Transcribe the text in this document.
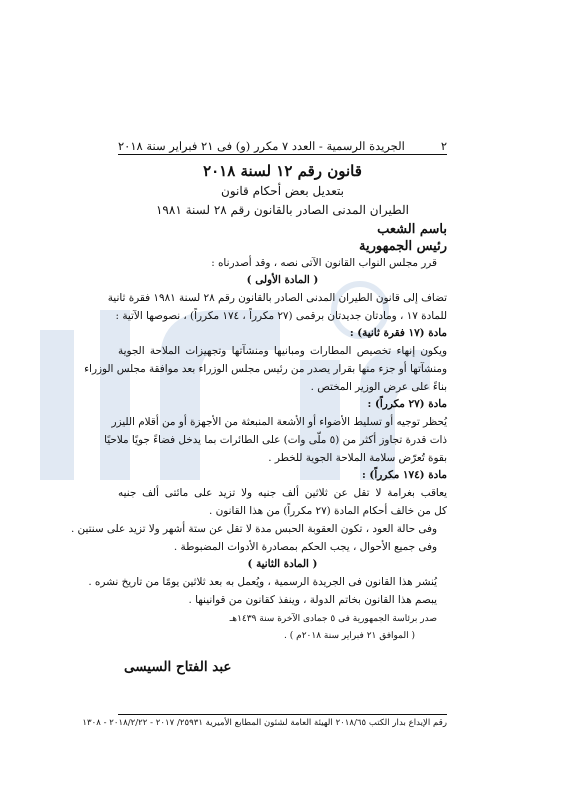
٢
الجريدة الرسمية - العدد ٧ مكرر (و) فى ٢١ فبراير سنة ٢٠١٨
قانون رقم ١٢ لسنة ٢٠١٨
بتعديل بعض أحكام قانون
الطيران المدنى الصادر بالقانون رقم ٢٨ لسنة ١٩٨١
باسم الشعب
رئيس الجمهورية
قرر مجلس النواب القانون الآتى نصه ، وقد أصدرناه :
( المادة الأولى )
تضاف إلى قانون الطيران المدنى الصادر بالقانون رقم ٢٨ لسنة ١٩٨١ فقرة ثانية
للمادة ١٧ ، ومادتان جديدتان برقمى (٢٧ مكرراً ، ١٧٤ مكرراً) ، نصوصها الآتية :
مادة (١٧ فقرة ثانية) :
ويكون إنهاء تخصيص المطارات ومبانيها ومنشآتها وتجهيزات الملاحة الجوية
ومنشآتها أو جزء منها بقرار يصدر من رئيس مجلس الوزراء بعد موافقة مجلس الوزراء
بناءً على عرض الوزير المختص .
مادة (٢٧ مكرراً) :
يُحظر توجيه أو تسليط الأضواء أو الأشعة المنبعثة من الأجهزة أو من أقلام الليزر
ذات قدرة تجاوز أكثر من (٥ ملّى وات) على الطائرات بما يدخل فضاءً جويًا ملاحيًا
بقوة تُعرّض سلامة الملاحة الجوية للخطر .
مادة (١٧٤ مكرراً) :
يعاقب بغرامة لا تقل عن ثلاثين ألف جنيه ولا تزيد على مائتى ألف جنيه
كل من خالف أحكام المادة (٢٧ مكرراً) من هذا القانون .
وفى حالة العود ، تكون العقوبة الحبس مدة لا تقل عن ستة أشهر ولا تزيد على سنتين .
وفى جميع الأحوال ، يجب الحكم بمصادرة الأدوات المضبوطة .
( المادة الثانية )
يُنشر هذا القانون فى الجريدة الرسمية ، ويُعمل به بعد ثلاثين يومًا من تاريخ نشره .
يبصم هذا القانون بخاتم الدولة ، وينفذ كقانون من قوانينها .
صدر برئاسة الجمهورية فى ٥ جمادى الآخرة سنة ١٤٣٩هـ
( الموافق ٢١ فبراير سنة ٢٠١٨م ) .
عبد الفتاح السيسى
رقم الإيداع بدار الكتب ٢٠١٨/٦٥ الهيئة العامة لشئون المطابع الأميرية ٢٥٩٣١/ ٢٠١٧ - ٢٠١٨/٢/٢٢ - ١٣٠٨
